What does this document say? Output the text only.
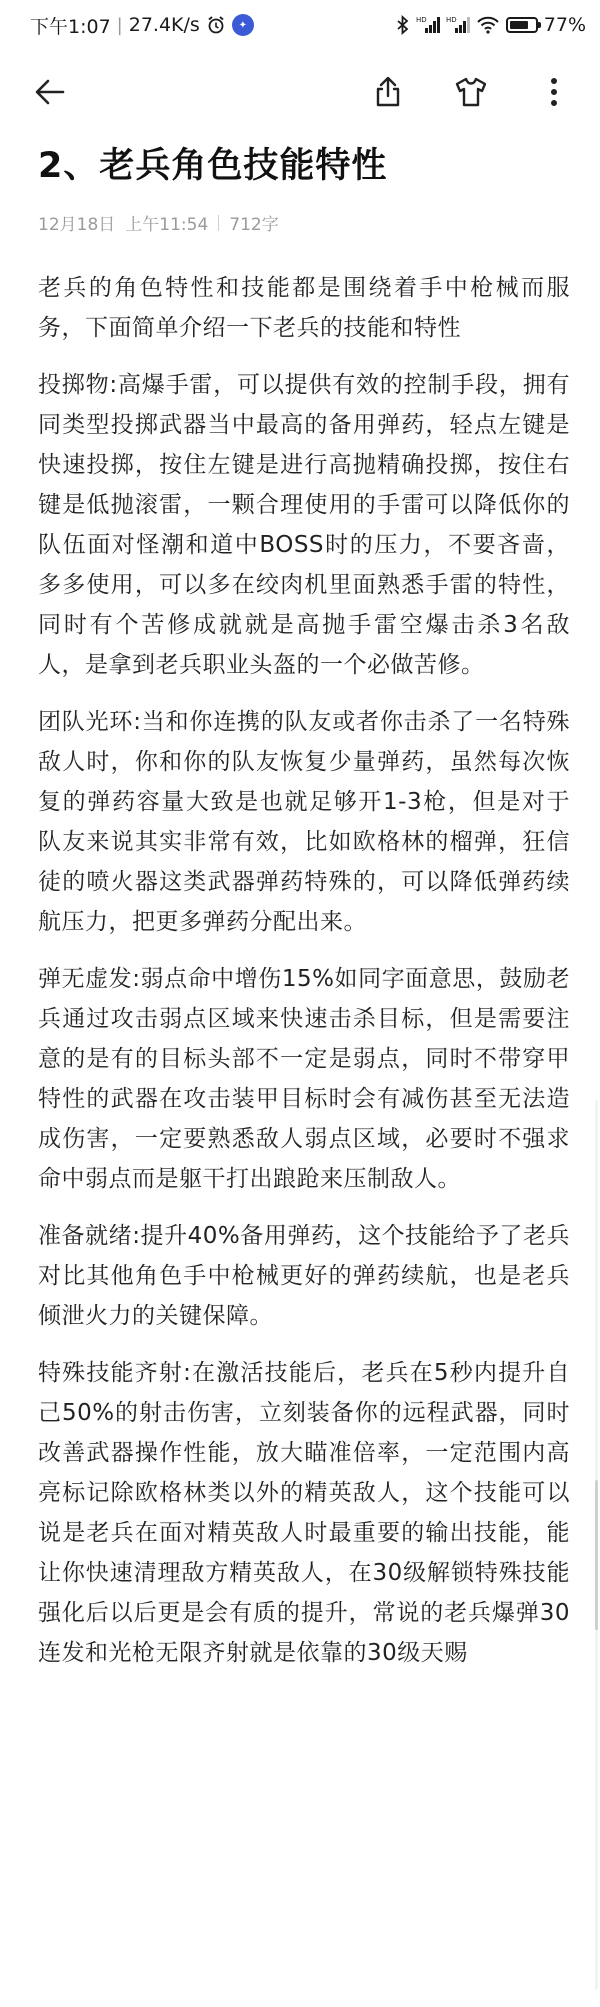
下午1:07 | 27.4K/s	✦	HD	HD	77%
2、老兵角色技能特性
12月18日 上午11:54 712字

老兵的角色特性和技能都是围绕着手中枪械而服务，下面简单介绍一下老兵的技能和特性

投掷物:高爆手雷，可以提供有效的控制手段，拥有同类型投掷武器当中最高的备用弹药，轻点左键是快速投掷，按住左键是进行高抛精确投掷，按住右键是低抛滚雷，一颗合理使用的手雷可以降低你的队伍面对怪潮和道中BOSS时的压力，不要吝啬，多多使用，可以多在绞肉机里面熟悉手雷的特性，同时有个苦修成就就是高抛手雷空爆击杀3名敌人，是拿到老兵职业头盔的一个必做苦修。

团队光环:当和你连携的队友或者你击杀了一名特殊敌人时，你和你的队友恢复少量弹药，虽然每次恢复的弹药容量大致是也就足够开1-3枪，但是对于队友来说其实非常有效，比如欧格林的榴弹，狂信徒的喷火器这类武器弹药特殊的，可以降低弹药续航压力，把更多弹药分配出来。

弹无虚发:弱点命中增伤15%如同字面意思，鼓励老兵通过攻击弱点区域来快速击杀目标，但是需要注意的是有的目标头部不一定是弱点，同时不带穿甲特性的武器在攻击装甲目标时会有减伤甚至无法造成伤害，一定要熟悉敌人弱点区域，必要时不强求命中弱点而是躯干打出踉跄来压制敌人。

准备就绪:提升40%备用弹药，这个技能给予了老兵对比其他角色手中枪械更好的弹药续航，也是老兵倾泄火力的关键保障。

特殊技能齐射:在激活技能后，老兵在5秒内提升自己50%的射击伤害，立刻装备你的远程武器，同时改善武器操作性能，放大瞄准倍率，一定范围内高亮标记除欧格林类以外的精英敌人，这个技能可以说是老兵在面对精英敌人时最重要的输出技能，能让你快速清理敌方精英敌人，在30级解锁特殊技能强化后以后更是会有质的提升，常说的老兵爆弹30连发和光枪无限齐射就是依靠的30级天赐
